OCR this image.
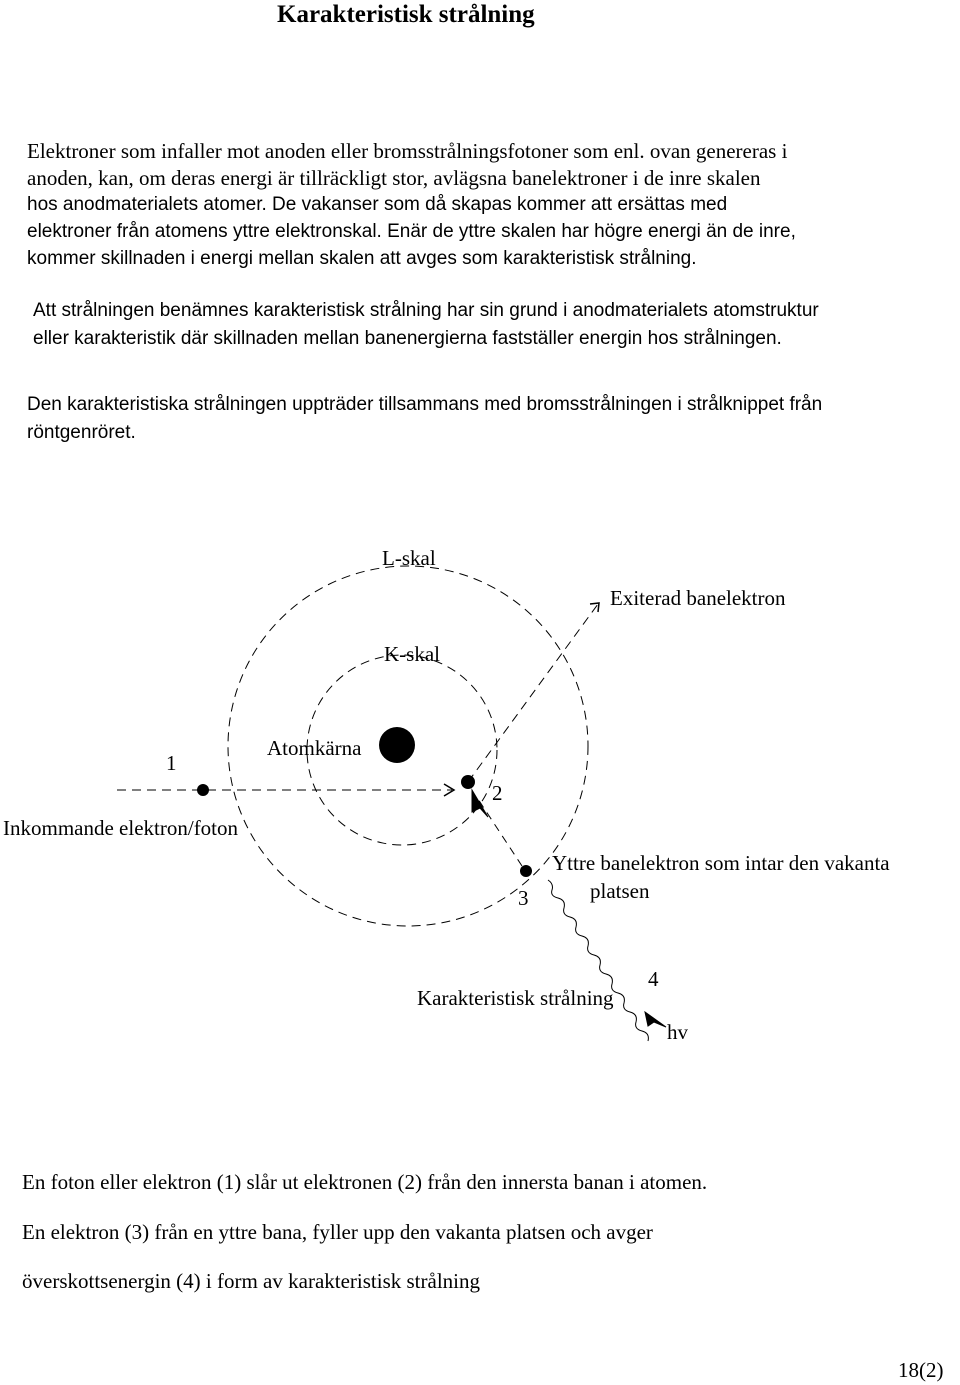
Karakteristisk strålning
Elektroner som infaller mot anoden eller bromsstrålningsfotoner som enl. ovan genereras i
anoden, kan, om deras energi är tillräckligt stor, avlägsna banelektroner i de inre skalen
hos anodmaterialets atomer. De vakanser som då skapas kommer att ersättas med
elektroner från atomens yttre elektronskal. Enär de yttre skalen har högre energi än de inre,
kommer skillnaden i energi mellan skalen att avges som karakteristisk strålning.
Att strålningen benämnes karakteristisk strålning har sin grund i anodmaterialets atomstruktur
eller karakteristik där skillnaden mellan banenergierna fastställer energin hos strålningen.
Den karakteristiska strålningen uppträder tillsammans med bromsstrålningen i strålknippet från
röntgenröret.
L-skal
Exiterad banelektron
K-skal
Atomkärna
1
2
Inkommande elektron/foton
Yttre banelektron som intar den vakanta
platsen
3
4
Karakteristisk strålning
hv
En foton eller elektron (1) slår ut elektronen (2) från den innersta banan i atomen.
En elektron (3) från en yttre bana, fyller upp den vakanta platsen och avger
överskottsenergin (4) i form av karakteristisk strålning
18(2)
